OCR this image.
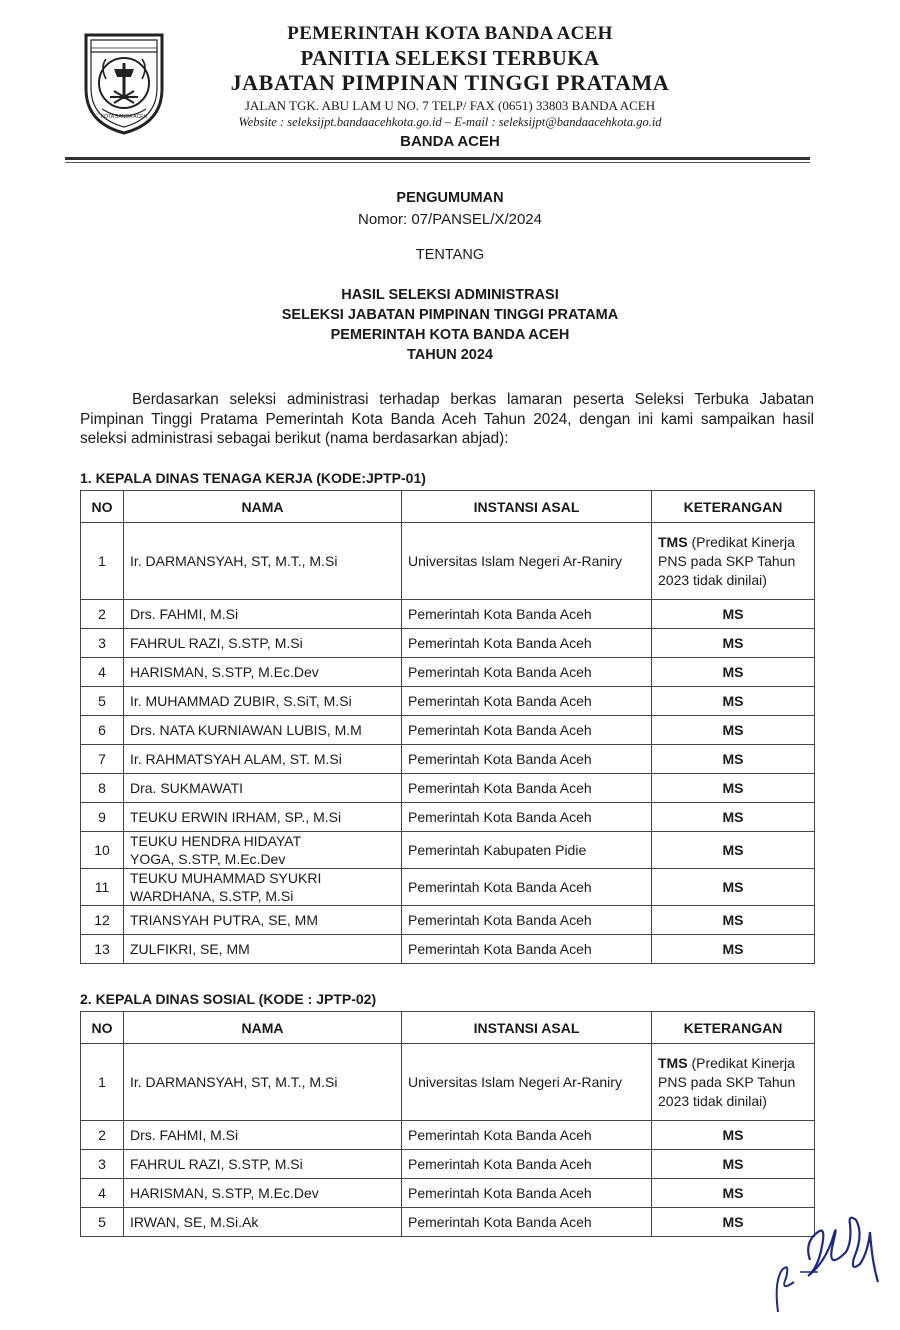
KOTA BANDA ACEH
PEMERINTAH KOTA BANDA ACEH
PANITIA SELEKSI TERBUKA
JABATAN PIMPINAN TINGGI PRATAMA
JALAN TGK. ABU LAM U NO. 7 TELP/ FAX (0651) 33803 BANDA ACEH
Website : seleksijpt.bandaacehkota.go.id – E-mail : seleksijpt@bandaacehkota.go.id
BANDA ACEH
PENGUMUMAN
Nomor: 07/PANSEL/X/2024
TENTANG
HASIL SELEKSI ADMINISTRASI
SELEKSI JABATAN PIMPINAN TINGGI PRATAMA
PEMERINTAH KOTA BANDA ACEH
TAHUN 2024
Berdasarkan seleksi administrasi terhadap berkas lamaran peserta Seleksi Terbuka Jabatan Pimpinan Tinggi Pratama Pemerintah Kota Banda Aceh Tahun 2024, dengan ini kami sampaikan hasil seleksi administrasi sebagai berikut (nama berdasarkan abjad):
1. KEPALA DINAS TENAGA KERJA (KODE:JPTP-01)
NO	NAMA	INSTANSI ASAL	KETERANGAN
1	Ir. DARMANSYAH, ST, M.T., M.Si	Universitas Islam Negeri Ar-Raniry	TMS (Predikat Kinerja PNS pada SKP Tahun 2023 tidak dinilai)
2	Drs. FAHMI, M.Si	Pemerintah Kota Banda Aceh	MS
3	FAHRUL RAZI, S.STP, M.Si	Pemerintah Kota Banda Aceh	MS
4	HARISMAN, S.STP, M.Ec.Dev	Pemerintah Kota Banda Aceh	MS
5	Ir. MUHAMMAD ZUBIR, S.SiT, M.Si	Pemerintah Kota Banda Aceh	MS
6	Drs. NATA KURNIAWAN LUBIS, M.M	Pemerintah Kota Banda Aceh	MS
7	Ir. RAHMATSYAH ALAM, ST. M.Si	Pemerintah Kota Banda Aceh	MS
8	Dra. SUKMAWATI	Pemerintah Kota Banda Aceh	MS
9	TEUKU ERWIN IRHAM, SP., M.Si	Pemerintah Kota Banda Aceh	MS
10	TEUKU HENDRA HIDAYAT
YOGA, S.STP, M.Ec.Dev	Pemerintah Kabupaten Pidie	MS
11	TEUKU MUHAMMAD SYUKRI
WARDHANA, S.STP, M.Si	Pemerintah Kota Banda Aceh	MS
12	TRIANSYAH PUTRA, SE, MM	Pemerintah Kota Banda Aceh	MS
13	ZULFIKRI, SE, MM	Pemerintah Kota Banda Aceh	MS
2. KEPALA DINAS SOSIAL (KODE : JPTP-02)
NO	NAMA	INSTANSI ASAL	KETERANGAN
1	Ir. DARMANSYAH, ST, M.T., M.Si	Universitas Islam Negeri Ar-Raniry	TMS (Predikat Kinerja PNS pada SKP Tahun 2023 tidak dinilai)
2	Drs. FAHMI, M.Si	Pemerintah Kota Banda Aceh	MS
3	FAHRUL RAZI, S.STP, M.Si	Pemerintah Kota Banda Aceh	MS
4	HARISMAN, S.STP, M.Ec.Dev	Pemerintah Kota Banda Aceh	MS
5	IRWAN, SE, M.Si.Ak	Pemerintah Kota Banda Aceh	MS
